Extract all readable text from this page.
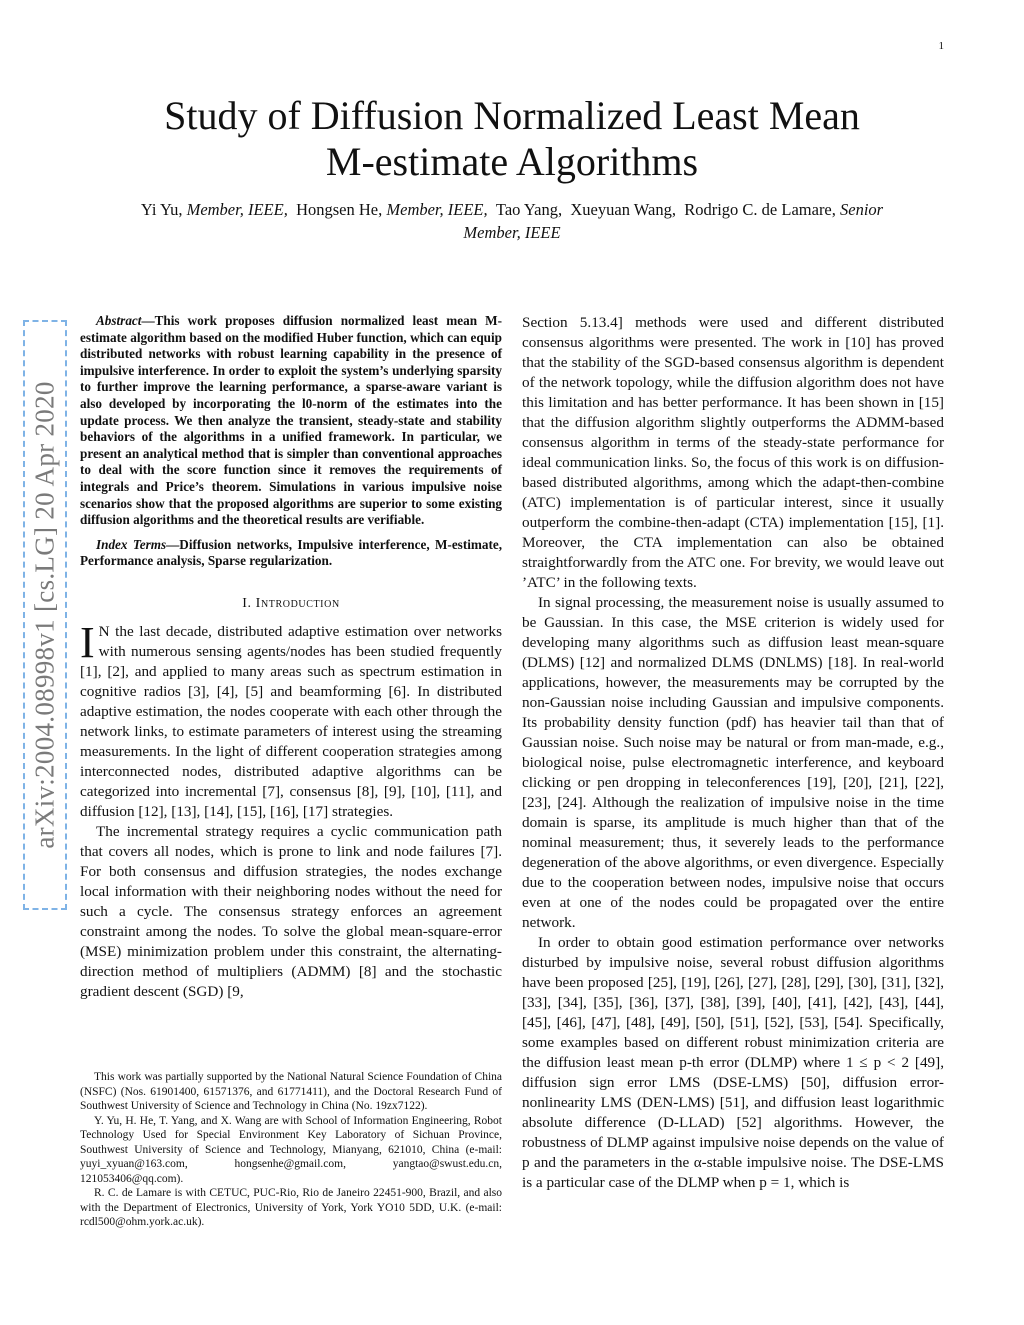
1
arXiv:2004.08998v1 [cs.LG] 20 Apr 2020
Study of Diffusion Normalized Least Mean
M-estimate Algorithms

Yi Yu, Member, IEEE, Hongsen He, Member, IEEE, Tao Yang, Xueyuan Wang, Rodrigo C. de Lamare, Senior
Member, IEEE

Abstract—This work proposes diffusion normalized least mean M-estimate algorithm based on the modified Huber function, which can equip distributed networks with robust learning capability in the presence of impulsive interference. In order to exploit the system’s underlying sparsity to further improve the learning performance, a sparse-aware variant is also developed by incorporating the l0-norm of the estimates into the update process. We then analyze the transient, steady-state and stability behaviors of the algorithms in a unified framework. In particular, we present an analytical method that is simpler than conventional approaches to deal with the score function since it removes the requirements of integrals and Price’s theorem. Simulations in various impulsive noise scenarios show that the proposed algorithms are superior to some existing diffusion algorithms and the theoretical results are verifiable.

Index Terms—Diffusion networks, Impulsive interference, M-estimate, Performance analysis, Sparse regularization.

I. Introduction

I N the last decade, distributed adaptive estimation over networks with numerous sensing agents/nodes has been studied frequently [1], [2], and applied to many areas such as spectrum estimation in cognitive radios [3], [4], [5] and beamforming [6]. In distributed adaptive estimation, the nodes cooperate with each other through the network links, to estimate parameters of interest using the streaming measurements. In the light of different cooperation strategies among interconnected nodes, distributed adaptive algorithms can be categorized into incremental [7], consensus [8], [9], [10], [11], and diffusion [12], [13], [14], [15], [16], [17] strategies.

The incremental strategy requires a cyclic communication path that covers all nodes, which is prone to link and node failures [7]. For both consensus and diffusion strategies, the nodes exchange local information with their neighboring nodes without the need for such a cycle. The consensus strategy enforces an agreement constraint among the nodes. To solve the global mean-square-error (MSE) minimization problem under this constraint, the alternating-direction method of multipliers (ADMM) [8] and the stochastic gradient descent (SGD) [9,

Section 5.13.4] methods were used and different distributed consensus algorithms were presented. The work in [10] has proved that the stability of the SGD-based consensus algorithm is dependent of the network topology, while the diffusion algorithm does not have this limitation and has better performance. It has been shown in [15] that the diffusion algorithm slightly outperforms the ADMM-based consensus algorithm in terms of the steady-state performance for ideal communication links. So, the focus of this work is on diffusion-based distributed algorithms, among which the adapt-then-combine (ATC) implementation is of particular interest, since it usually outperform the combine-then-adapt (CTA) implementation [15], [1]. Moreover, the CTA implementation can also be obtained straightforwardly from the ATC one. For brevity, we would leave out ’ATC’ in the following texts.

In signal processing, the measurement noise is usually assumed to be Gaussian. In this case, the MSE criterion is widely used for developing many algorithms such as diffusion least mean-square (DLMS) [12] and normalized DLMS (DNLMS) [18]. In real-world applications, however, the measurements may be corrupted by the non-Gaussian noise including Gaussian and impulsive components. Its probability density function (pdf) has heavier tail than that of Gaussian noise. Such noise may be natural or from man-made, e.g., biological noise, pulse electromagnetic interference, and keyboard clicking or pen dropping in teleconferences [19], [20], [21], [22], [23], [24]. Although the realization of impulsive noise in the time domain is sparse, its amplitude is much higher than that of the nominal measurement; thus, it severely leads to the performance degeneration of the above algorithms, or even divergence. Especially due to the cooperation between nodes, impulsive noise that occurs even at one of the nodes could be propagated over the entire network.

In order to obtain good estimation performance over networks disturbed by impulsive noise, several robust diffusion algorithms have been proposed [25], [19], [26], [27], [28], [29], [30], [31], [32], [33], [34], [35], [36], [37], [38], [39], [40], [41], [42], [43], [44], [45], [46], [47], [48], [49], [50], [51], [52], [53], [54]. Specifically, some examples based on different robust minimization criteria are the diffusion least mean p-th error (DLMP) where 1 ≤ p < 2 [49], diffusion sign error LMS (DSE-LMS) [50], diffusion error-nonlinearity LMS (DEN-LMS) [51], and diffusion least logarithmic absolute difference (D-LLAD) [52] algorithms. However, the robustness of DLMP against impulsive noise depends on the value of p and the parameters in the α-stable impulsive noise. The DSE-LMS is a particular case of the DLMP when p = 1, which is

This work was partially supported by the National Natural Science Foundation of China (NSFC) (Nos. 61901400, 61571376, and 61771411), and the Doctoral Research Fund of Southwest University of Science and Technology in China (No. 19zx7122).

Y. Yu, H. He, T. Yang, and X. Wang are with School of Information Engineering, Robot Technology Used for Special Environment Key Laboratory of Sichuan Province, Southwest University of Science and Technology, Mianyang, 621010, China (e-mail: yuyi_xyuan@163.com, hongsenhe@gmail.com, yangtao@swust.edu.cn, 121053406@qq.com).

R. C. de Lamare is with CETUC, PUC-Rio, Rio de Janeiro 22451-900, Brazil, and also with the Department of Electronics, University of York, York YO10 5DD, U.K. (e-mail: rcdl500@ohm.york.ac.uk).
